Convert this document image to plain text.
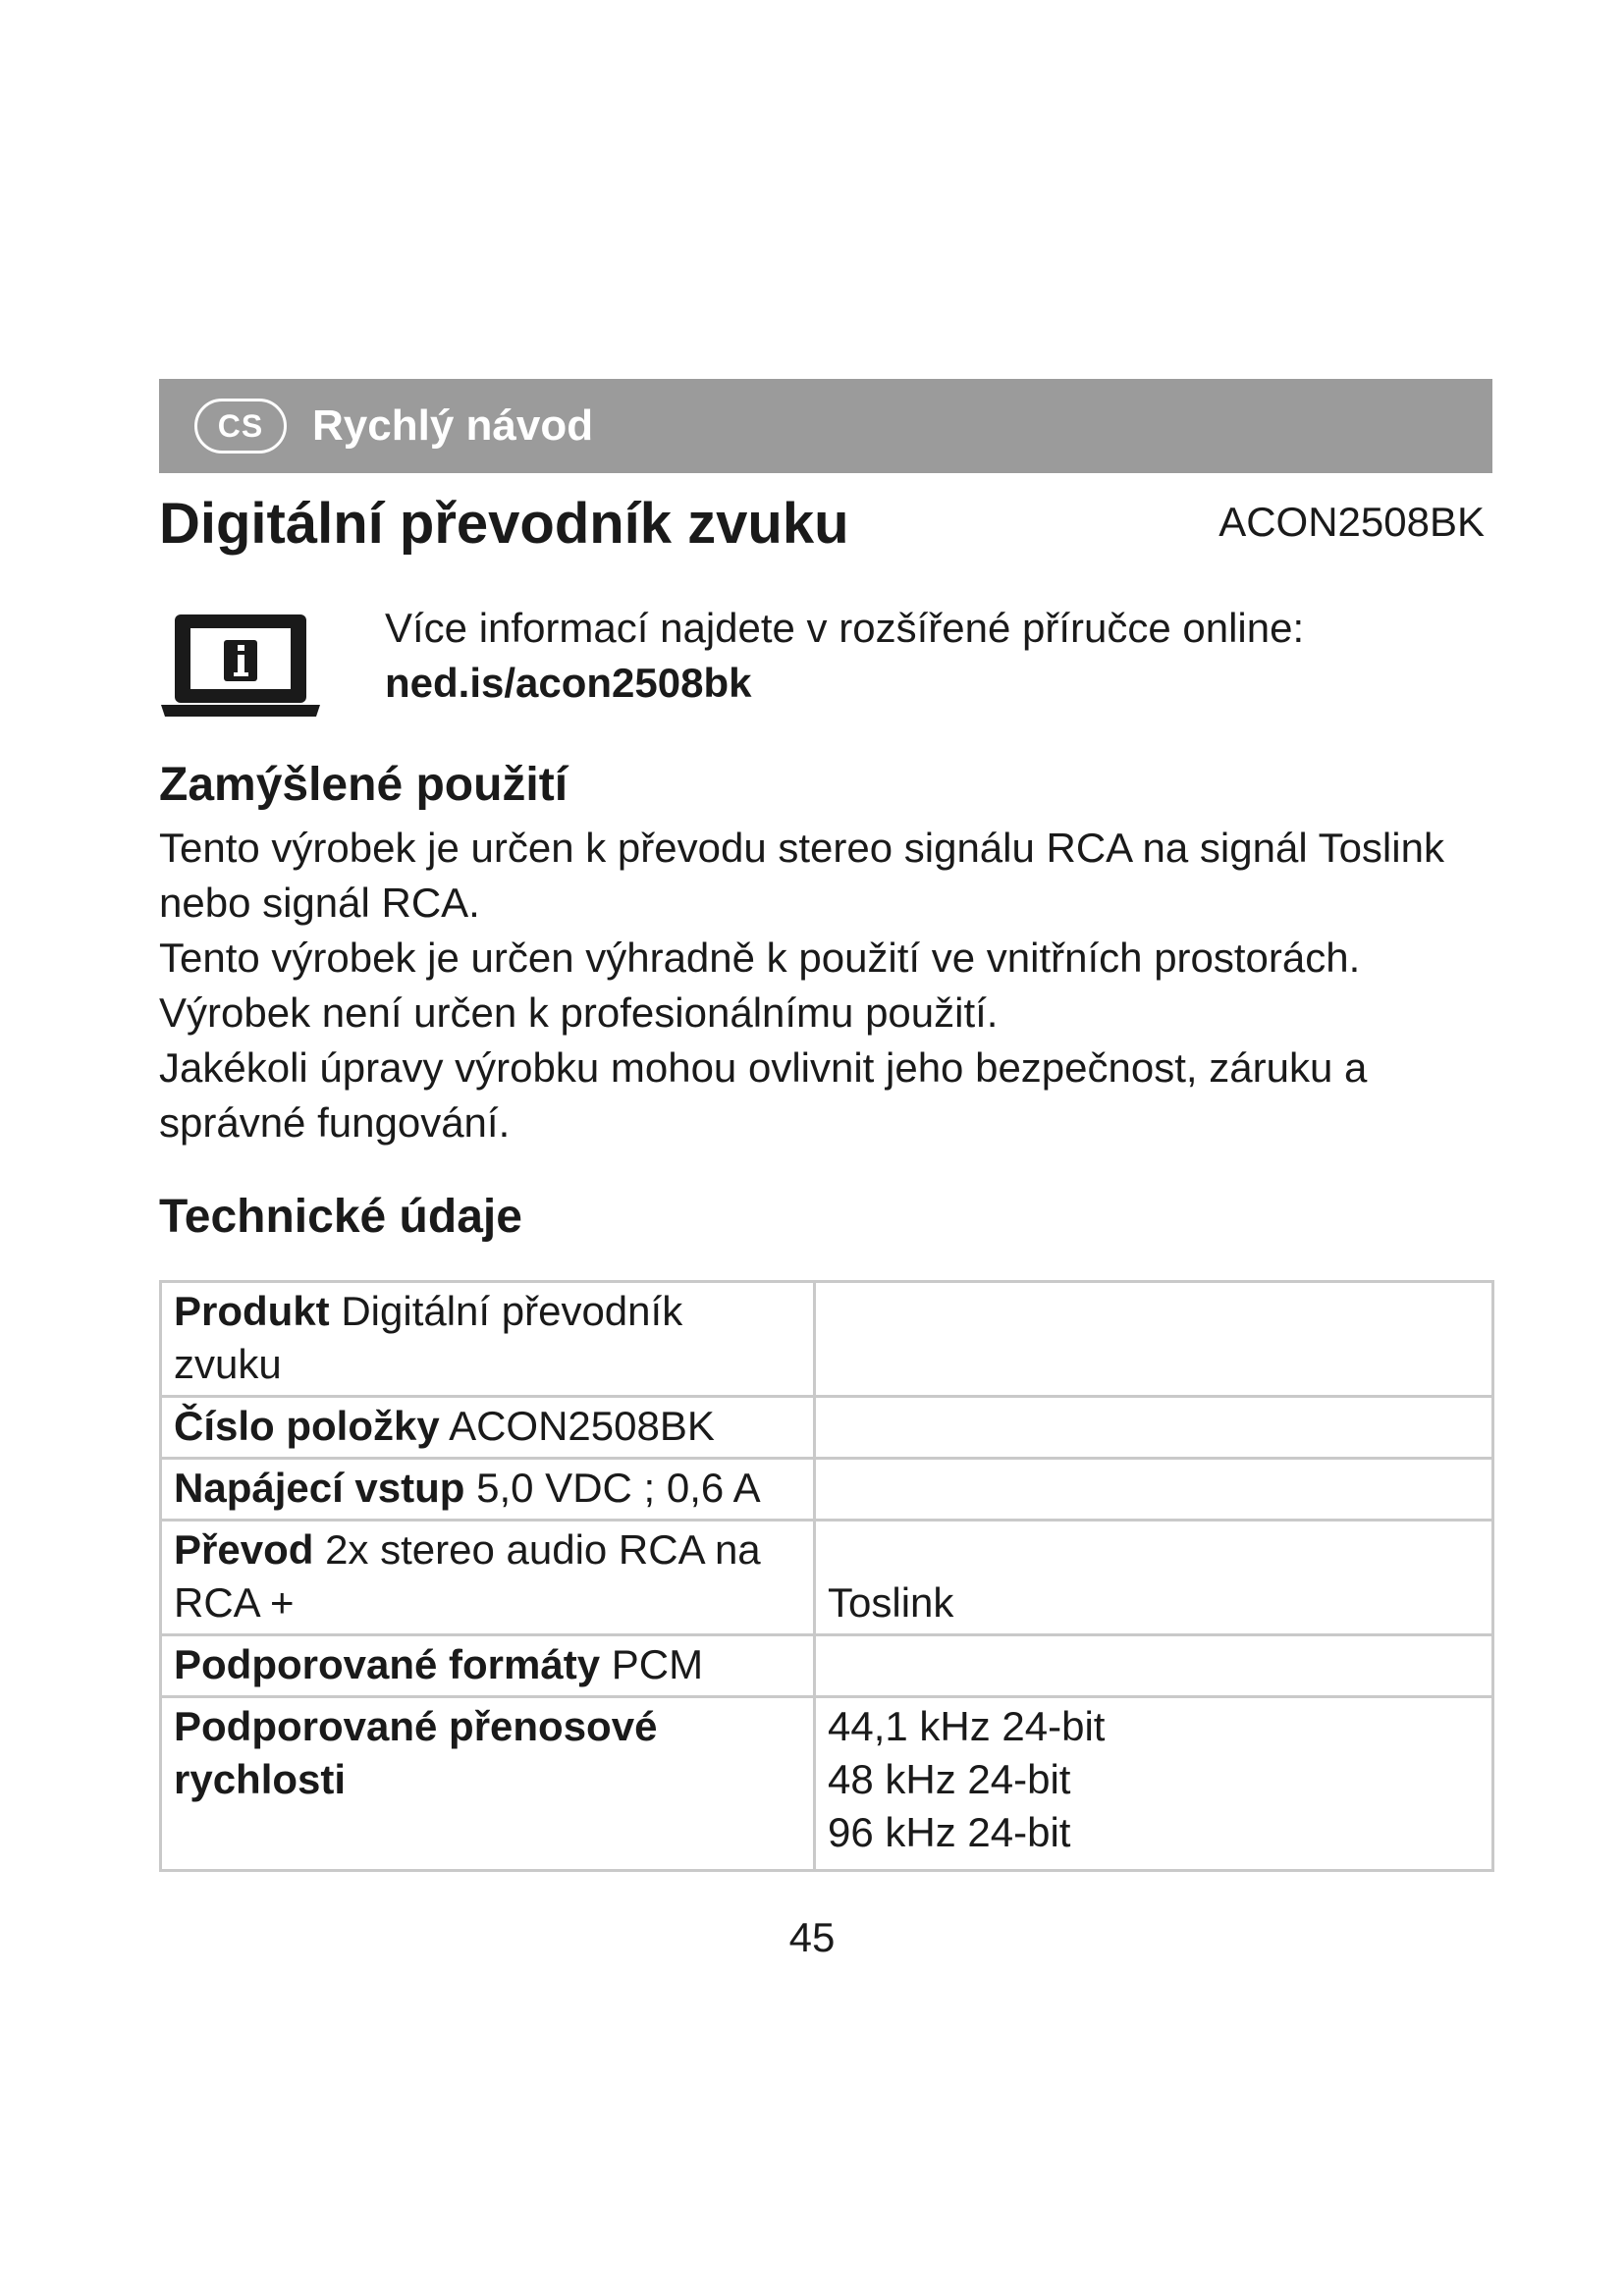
CS	Rychlý návod
Digitální převodník zvuku	ACON2508BK
Více informací najdete v rozšířené příručce online:
ned.is/acon2508bk
Zamýšlené použití

Tento výrobek je určen k převodu stereo signálu RCA na signál Toslink nebo signál RCA.

Tento výrobek je určen výhradně k použití ve vnitřních prostorách.

Výrobek není určen k profesionálnímu použití.

Jakékoli úpravy výrobku mohou ovlivnit jeho bezpečnost, záruku a správné fungování.

Technické údaje
Produkt Digitální převodník zvuku	
Číslo položky ACON2508BK	
Napájecí vstup 5,0 VDC ; 0,6 A	
Převod 2x stereo audio RCA na RCA +	Toslink
Podporované formáty PCM	
Podporované přenosové rychlosti	44,1 kHz 24-bit
48 kHz 24-bit
96 kHz 24-bit
45
